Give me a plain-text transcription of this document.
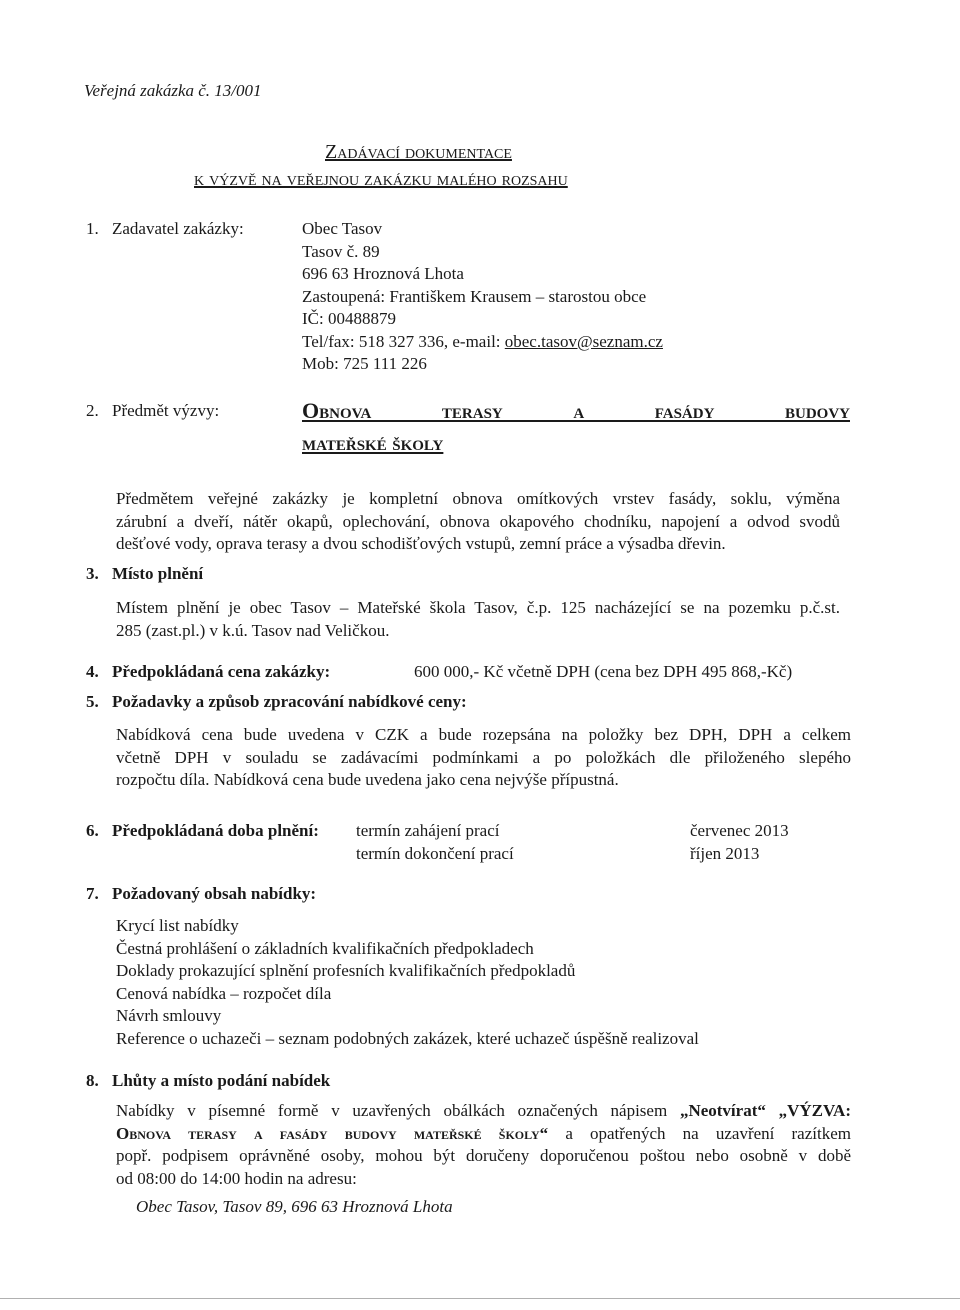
Veřejná zakázka č. 13/001
Zadávací dokumentace
k výzvě na veřejnou zakázku malého rozsahu
1. Zadavatel zakázky:	Obec Tasov
Tasov č. 89
696 63 Hroznová Lhota
Zastoupená: Františkem Krausem – starostou obce
IČ: 00488879
Tel/fax: 518 327 336, e-mail: obec.tasov@seznam.cz
Mob: 725 111 226
2. Předmět výzvy:	Obnova terasy a fasády budovy
mateřské školy
Předmětem veřejné zakázky je kompletní obnova omítkových vrstev fasády, soklu, výměna
zárubní a dveří, nátěr okapů, oplechování, obnova okapového chodníku, napojení a odvod svodů
dešťové vody, oprava terasy a dvou schodišťových vstupů, zemní práce a výsadba dřevin.
3. Místo plnění
Místem plnění je obec Tasov – Mateřské škola Tasov, č.p. 125 nacházející se na pozemku p.č.st.
285 (zast.pl.) v k.ú. Tasov nad Veličkou.
4. Předpokládaná cena zakázky:	600 000,- Kč včetně DPH (cena bez DPH 495 868,-Kč)
5. Požadavky a způsob zpracování nabídkové ceny:
Nabídková cena bude uvedena v CZK a bude rozepsána na položky bez DPH, DPH a celkem
včetně DPH v souladu se zadávacími podmínkami a po položkách dle přiloženého slepého
rozpočtu díla. Nabídková cena bude uvedena jako cena nejvýše přípustná.
6. Předpokládaná doba plnění: termín zahájení prací	červenec 2013
termín dokončení prací	říjen 2013
7. Požadovaný obsah nabídky:
Krycí list nabídky
Čestná prohlášení o základních kvalifikačních předpokladech
Doklady prokazující splnění profesních kvalifikačních předpokladů
Cenová nabídka – rozpočet díla
Návrh smlouvy
Reference o uchazeči – seznam podobných zakázek, které uchazeč úspěšně realizoval
8. Lhůty a místo podání nabídek
Nabídky v písemné formě v uzavřených obálkách označených nápisem „Neotvírat“ „VÝZVA:
Obnova terasy a fasády budovy mateřské školy“ a opatřených na uzavření razítkem
popř. podpisem oprávněné osoby, mohou být doručeny doporučenou poštou nebo osobně v době
od 08:00 do 14:00 hodin na adresu:
Obec Tasov, Tasov 89, 696 63 Hroznová Lhota
